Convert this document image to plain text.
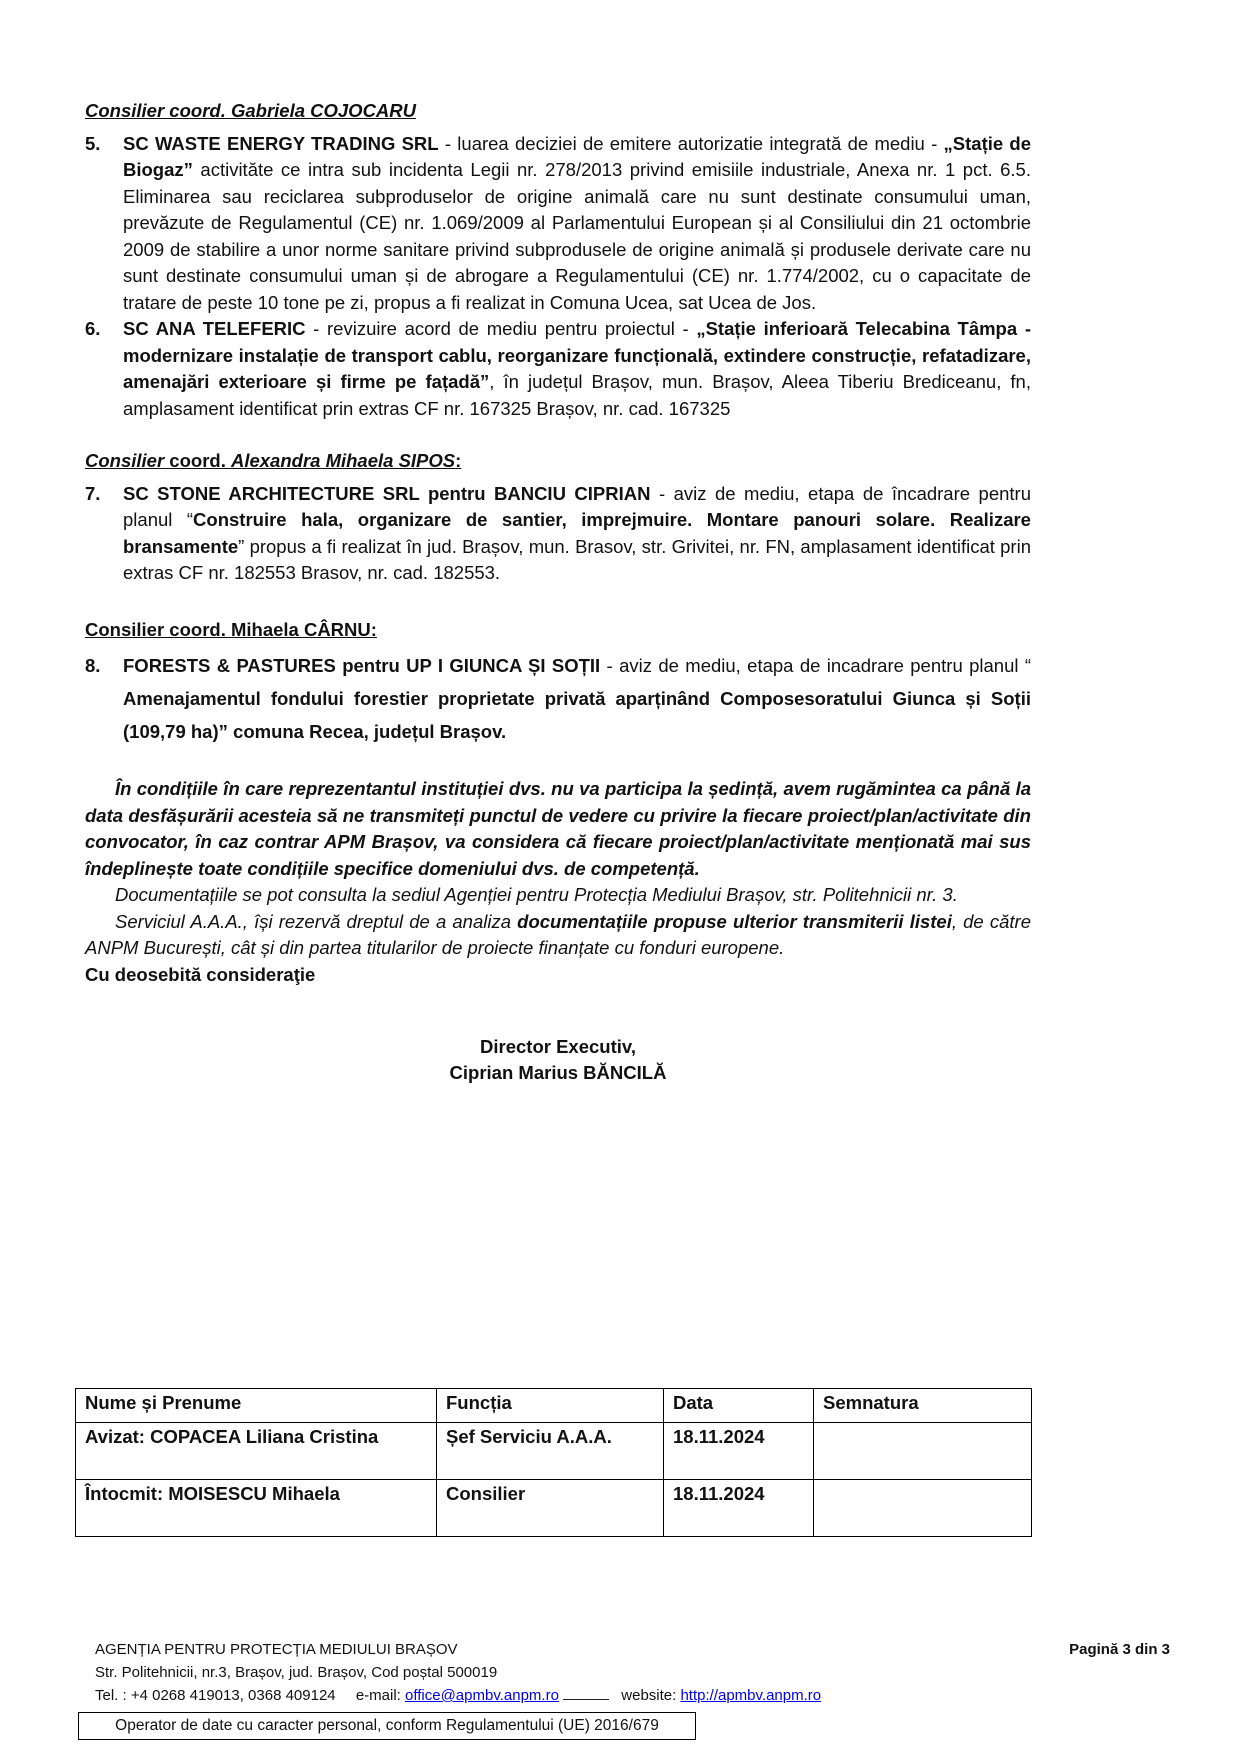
Consilier coord. Gabriela COJOCARU
5. SC WASTE ENERGY TRADING SRL - luarea deciziei de emitere autorizatie integrată de mediu - „Stație de Biogaz” activităte ce intra sub incidenta Legii nr. 278/2013 privind emisiile industriale, Anexa nr. 1 pct. 6.5. Eliminarea sau reciclarea subproduselor de origine animală care nu sunt destinate consumului uman, prevăzute de Regulamentul (CE) nr. 1.069/2009 al Parlamentului European și al Consiliului din 21 octombrie 2009 de stabilire a unor norme sanitare privind subprodusele de origine animală și produsele derivate care nu sunt destinate consumului uman și de abrogare a Regulamentului (CE) nr. 1.774/2002, cu o capacitate de tratare de peste 10 tone pe zi, propus a fi realizat in Comuna Ucea, sat Ucea de Jos.
6. SC ANA TELEFERIC - revizuire acord de mediu pentru proiectul - „Stație inferioară Telecabina Tâmpa - modernizare instalație de transport cablu, reorganizare funcțională, extindere construcție, refatadizare, amenajări exterioare și firme pe fațadă”, în județul Brașov, mun. Brașov, Aleea Tiberiu Brediceanu, fn, amplasament identificat prin extras CF nr. 167325 Brașov, nr. cad. 167325
Consilier coord. Alexandra Mihaela SIPOS:
7. SC STONE ARCHITECTURE SRL pentru BANCIU CIPRIAN - aviz de mediu, etapa de încadrare pentru planul “Construire hala, organizare de santier, imprejmuire. Montare panouri solare. Realizare bransamente” propus a fi realizat în jud. Brașov, mun. Brasov, str. Grivitei, nr. FN, amplasament identificat prin extras CF nr. 182553 Brasov, nr. cad. 182553.
Consilier coord. Mihaela CÂRNU:
8. FORESTS & PASTURES pentru UP I GIUNCA ȘI SOȚII - aviz de mediu, etapa de incadrare pentru planul “ Amenajamentul fondului forestier proprietate privată aparținând Composesoratului Giunca și Soții (109,79 ha)” comuna Recea, județul Brașov.

În condițiile în care reprezentantul instituției dvs. nu va participa la ședință, avem rugămintea ca până la data desfășurării acesteia să ne transmiteți punctul de vedere cu privire la fiecare proiect/plan/activitate din convocator, în caz contrar APM Brașov, va considera că fiecare proiect/plan/activitate menționată mai sus îndeplinește toate condițiile specifice domeniului dvs. de competență.

Documentațiile se pot consulta la sediul Agenției pentru Protecția Mediului Brașov, str. Politehnicii nr. 3.

Serviciul A.A.A., își rezervă dreptul de a analiza documentațiile propuse ulterior transmiterii listei, de către ANPM București, cât și din partea titularilor de proiecte finanțate cu fonduri europene.

Cu deosebită consideraţie

Director Executiv,
Ciprian Marius BĂNCILĂ
Nume și Prenume	Funcția	Data	Semnatura
Avizat: COPACEA Liliana Cristina	Șef Serviciu A.A.A.	18.11.2024	
Întocmit: MOISESCU Mihaela	Consilier	18.11.2024	
Pagină 3 din 3
AGENȚIA PENTRU PROTECȚIA MEDIULUI BRAȘOV
Str. Politehnicii, nr.3, Brașov, jud. Brașov, Cod poștal 500019
Tel. : +4 0268 419013, 0368 409124 e-mail: office@apmbv.anpm.ro	website: http://apmbv.anpm.ro
Operator de date cu caracter personal, conform Regulamentului (UE) 2016/679
